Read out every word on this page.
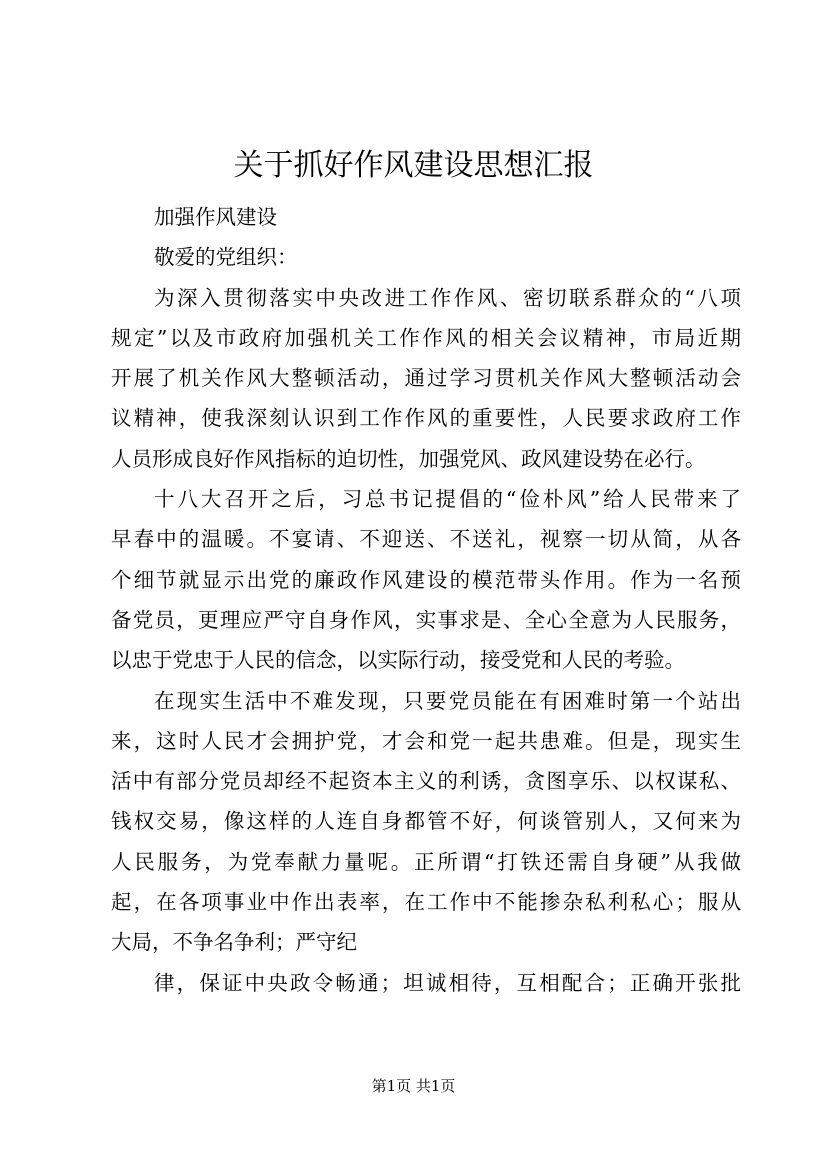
关于抓好作风建设思想汇报
加强作风建设
敬爱的党组织：
为深入贯彻落实中央改进工作作风、密切联系群众的“八项
规定”以及市政府加强机关工作作风的相关会议精神，市局近期
开展了机关作风大整顿活动，通过学习贯机关作风大整顿活动会
议精神，使我深刻认识到工作作风的重要性，人民要求政府工作
人员形成良好作风指标的迫切性，加强党风、政风建设势在必行。
十八大召开之后，习总书记提倡的“俭朴风”给人民带来了
早春中的温暖。不宴请、不迎送、不送礼，视察一切从简，从各
个细节就显示出党的廉政作风建设的模范带头作用。作为一名预
备党员，更理应严守自身作风，实事求是、全心全意为人民服务，
以忠于党忠于人民的信念，以实际行动，接受党和人民的考验。
在现实生活中不难发现，只要党员能在有困难时第一个站出
来，这时人民才会拥护党，才会和党一起共患难。但是，现实生
活中有部分党员却经不起资本主义的利诱，贪图享乐、以权谋私、
钱权交易，像这样的人连自身都管不好，何谈管别人，又何来为
人民服务，为党奉献力量呢。正所谓“打铁还需自身硬”从我做
起，在各项事业中作出表率，在工作中不能掺杂私利私心；服从
大局，不争名争利；严守纪
律，保证中央政令畅通；坦诚相待，互相配合；正确开张批
第1页 共1页
